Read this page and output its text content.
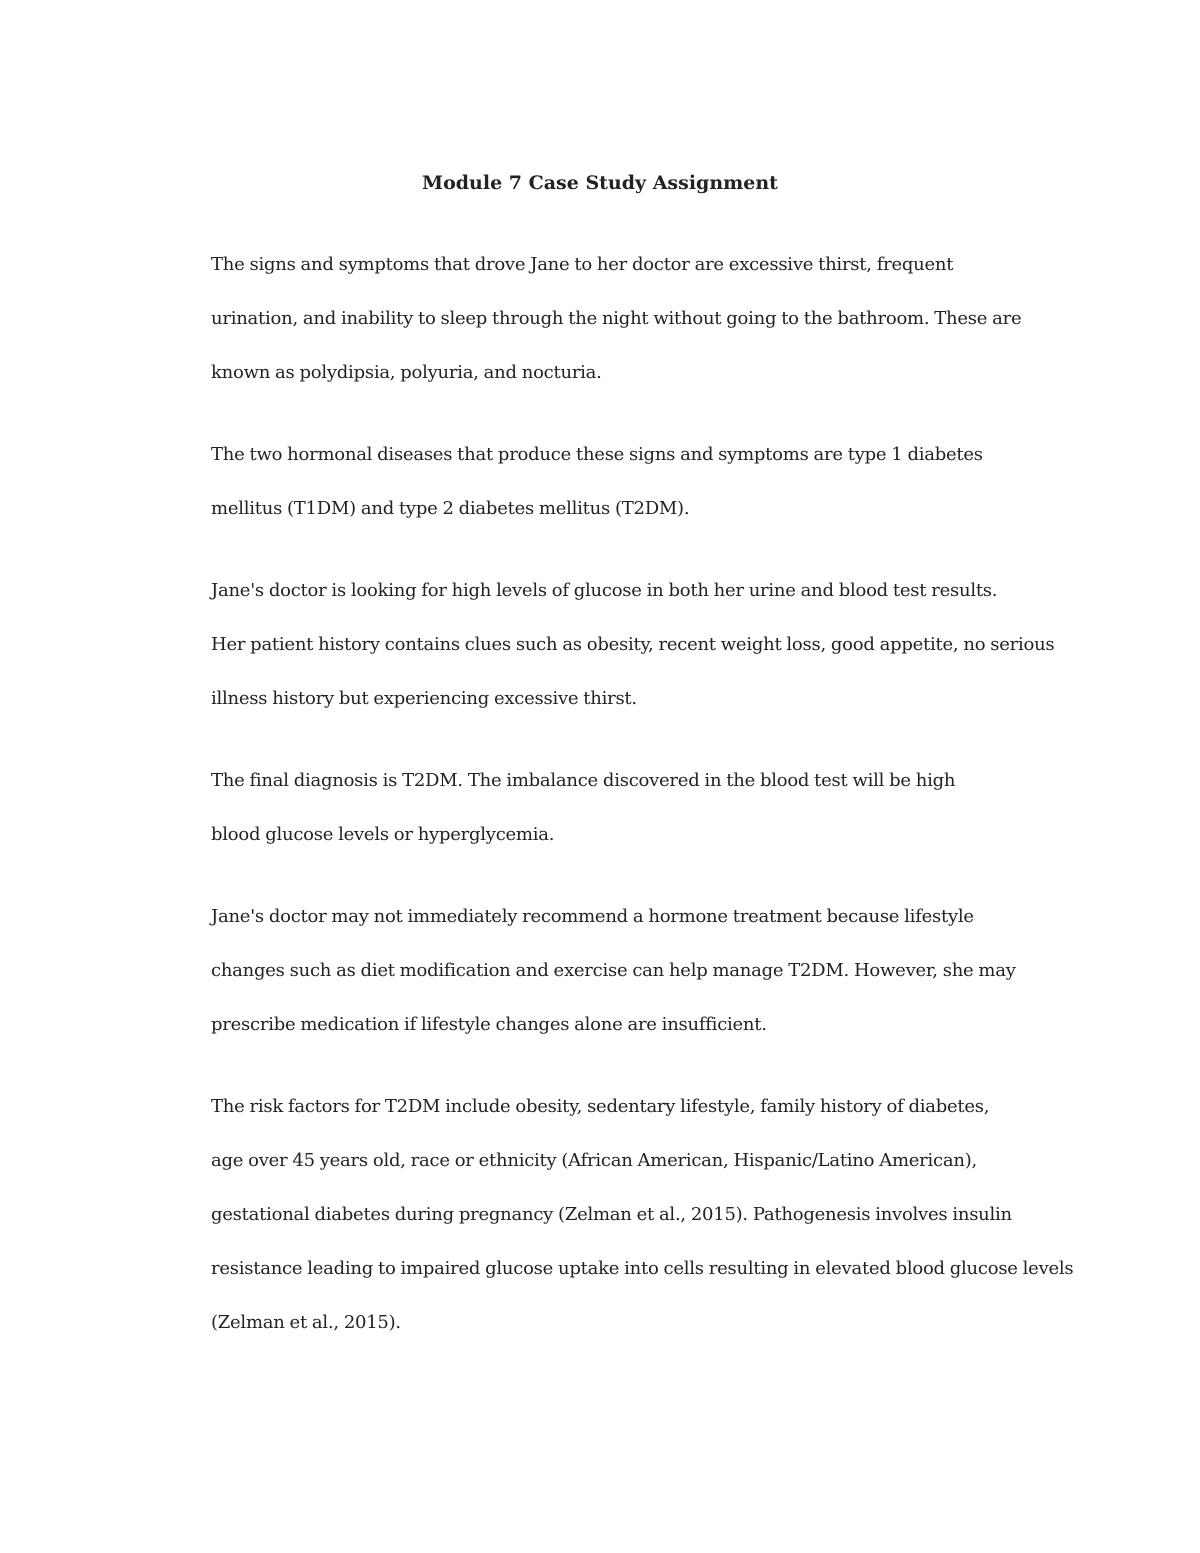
Module 7 Case Study Assignment

The signs and symptoms that drove Jane to her doctor are excessive thirst, frequent
urination, and inability to sleep through the night without going to the bathroom. These are
known as polydipsia, polyuria, and nocturia.

The two hormonal diseases that produce these signs and symptoms are type 1 diabetes
mellitus (T1DM) and type 2 diabetes mellitus (T2DM).

Jane's doctor is looking for high levels of glucose in both her urine and blood test results.
Her patient history contains clues such as obesity, recent weight loss, good appetite, no serious
illness history but experiencing excessive thirst.

The final diagnosis is T2DM. The imbalance discovered in the blood test will be high
blood glucose levels or hyperglycemia.

Jane's doctor may not immediately recommend a hormone treatment because lifestyle
changes such as diet modification and exercise can help manage T2DM. However, she may
prescribe medication if lifestyle changes alone are insufficient.

The risk factors for T2DM include obesity, sedentary lifestyle, family history of diabetes,
age over 45 years old, race or ethnicity (African American, Hispanic/Latino American),
gestational diabetes during pregnancy (Zelman et al., 2015). Pathogenesis involves insulin
resistance leading to impaired glucose uptake into cells resulting in elevated blood glucose levels
(Zelman et al., 2015).
